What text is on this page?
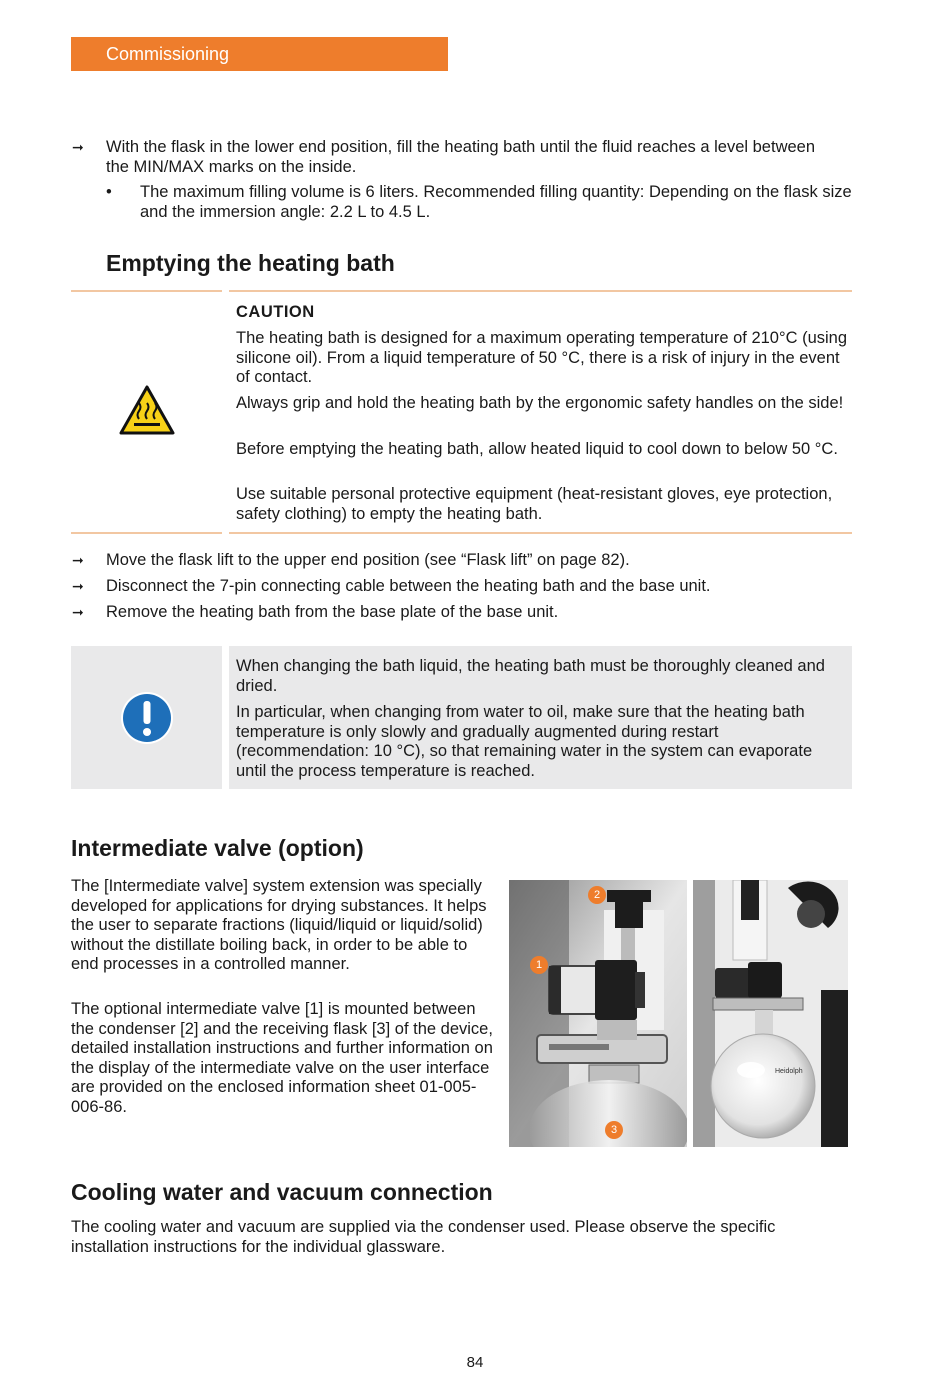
Commissioning
➞ With the flask in the lower end position, fill the heating bath until the fluid reaches a level between the MIN/MAX marks on the inside.

• The maximum filling volume is 6 liters. Recommended filling quantity: Depending on the flask size and the immersion angle: 2.2 L to 4.5 L.

Emptying the heating bath
CAUTION

The heating bath is designed for a maximum operating temperature of 210°C (using silicone oil). From a liquid temperature of 50 °C, there is a risk of injury in the event of contact.

Always grip and hold the heating bath by the ergonomic safety handles on the side!

Before emptying the heating bath, allow heated liquid to cool down to below 50 °C.

Use suitable personal protective equipment (heat-resistant gloves, eye protection, safety clothing) to empty the heating bath.

➞ Move the flask lift to the upper end position (see “Flask lift” on page 82).

➞ Disconnect the 7-pin connecting cable between the heating bath and the base unit.

➞ Remove the heating bath from the base plate of the base unit.

When changing the bath liquid, the heating bath must be thoroughly cleaned and dried.

In particular, when changing from water to oil, make sure that the heating bath temperature is only slowly and gradually augmented during restart (recommendation: 10 °C), so that remaining water in the system can evaporate until the process temperature is reached.

Intermediate valve (option)

The [Intermediate valve] system extension was specially developed for applications for drying substances. It helps the user to separate fractions (liquid/liquid or liquid/solid) without the distillate boiling back, in order to be able to end processes in a controlled manner.

The optional intermediate valve [1] is mounted between the condenser [2] and the receiving flask [3] of the device, detailed installation instructions and further information on the display of the intermediate valve on the user interface are provided on the enclosed information sheet 01-005-006-86.

2
1
3
Heidolph
Cooling water and vacuum connection

The cooling water and vacuum are supplied via the condenser used. Please observe the specific installation instructions for the individual glassware.

84
